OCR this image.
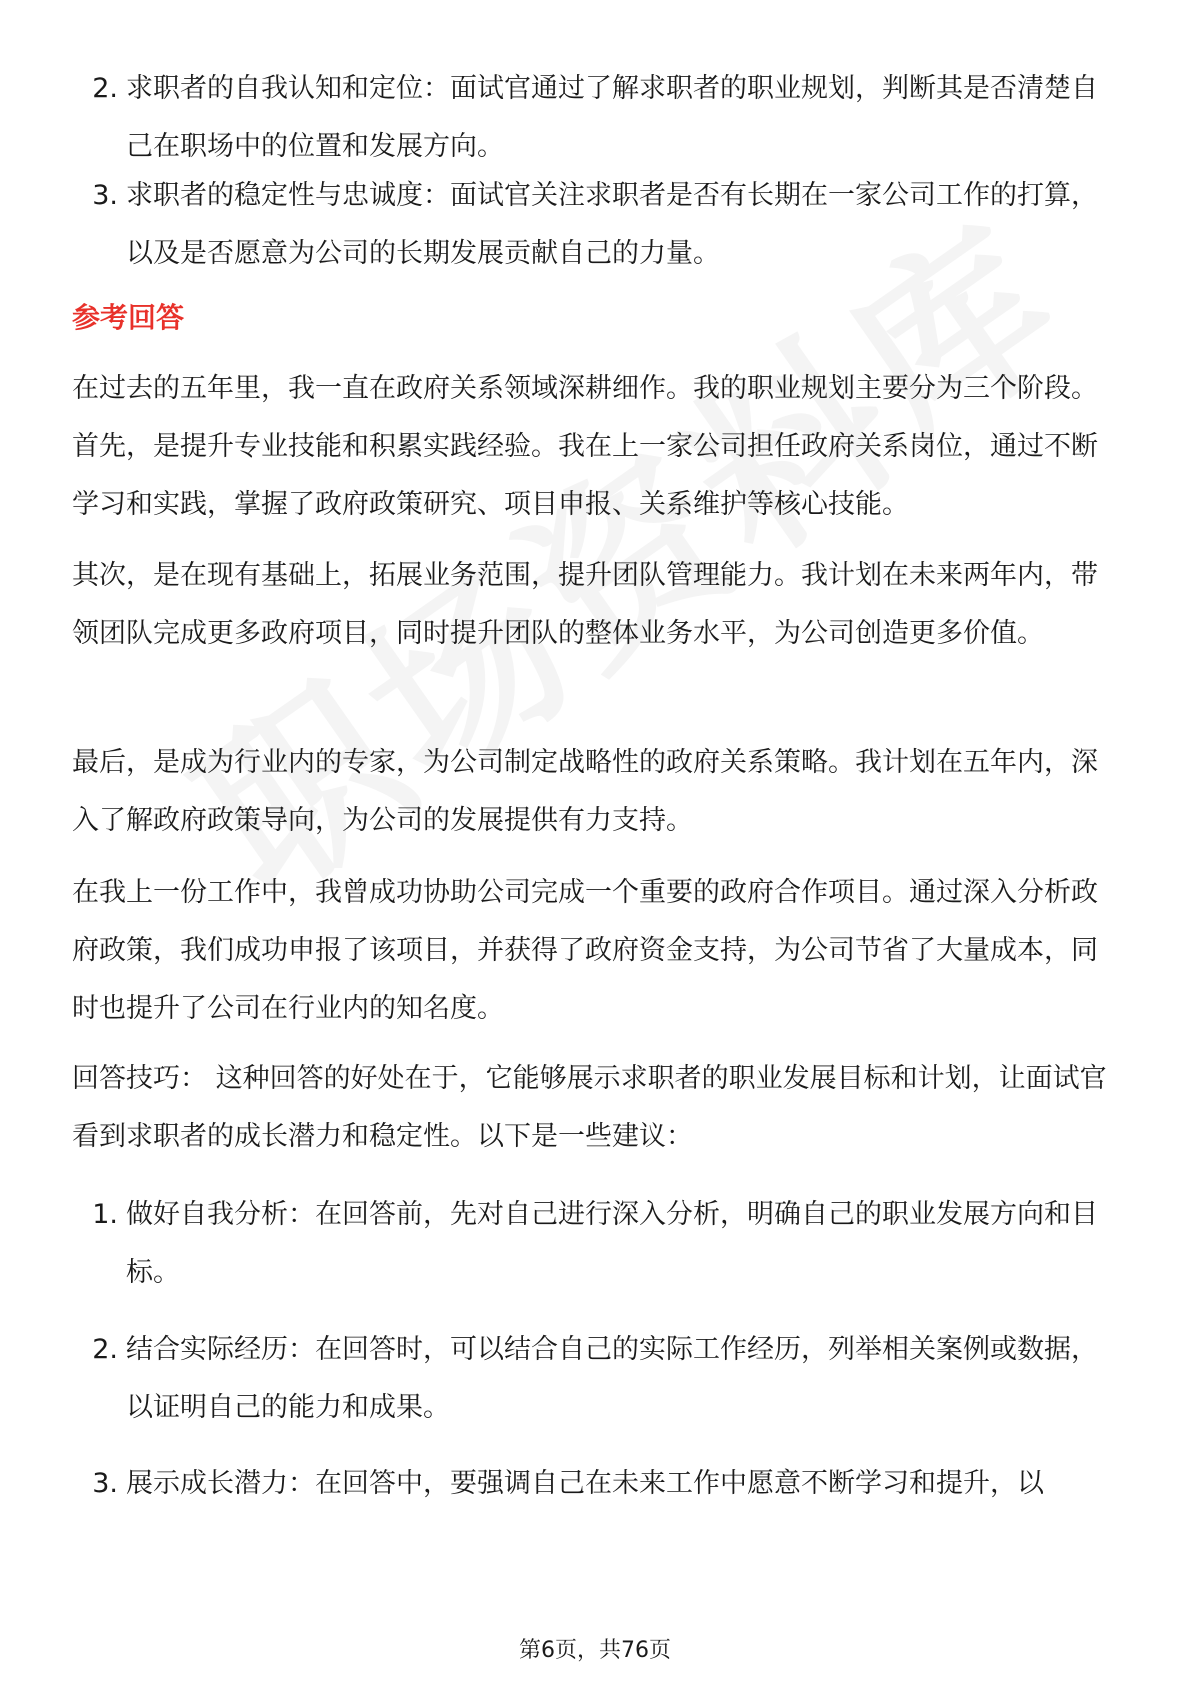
2. 求职者的自我认知和定位：面试官通过了解求职者的职业规划，判断其是否清楚自己在职场中的位置和发展方向。
3. 求职者的稳定性与忠诚度：面试官关注求职者是否有长期在一家公司工作的打算，以及是否愿意为公司的长期发展贡献自己的力量。
参考回答
在过去的五年里，我一直在政府关系领域深耕细作。我的职业规划主要分为三个阶段。首先，是提升专业技能和积累实践经验。我在上一家公司担任政府关系岗位，通过不断学习和实践，掌握了政府政策研究、项目申报、关系维护等核心技能。
其次，是在现有基础上，拓展业务范围，提升团队管理能力。我计划在未来两年内，带领团队完成更多政府项目，同时提升团队的整体业务水平，为公司创造更多价值。
最后，是成为行业内的专家，为公司制定战略性的政府关系策略。我计划在五年内，深入了解政府政策导向，为公司的发展提供有力支持。
在我上一份工作中，我曾成功协助公司完成一个重要的政府合作项目。通过深入分析政府政策，我们成功申报了该项目，并获得了政府资金支持，为公司节省了大量成本，同时也提升了公司在行业内的知名度。
回答技巧： 这种回答的好处在于，它能够展示求职者的职业发展目标和计划，让面试官看到求职者的成长潜力和稳定性。以下是一些建议：
1. 做好自我分析：在回答前，先对自己进行深入分析，明确自己的职业发展方向和目标。
2. 结合实际经历：在回答时，可以结合自己的实际工作经历，列举相关案例或数据，以证明自己的能力和成果。
3. 展示成长潜力：在回答中，要强调自己在未来工作中愿意不断学习和提升，以
第6页，共76页
